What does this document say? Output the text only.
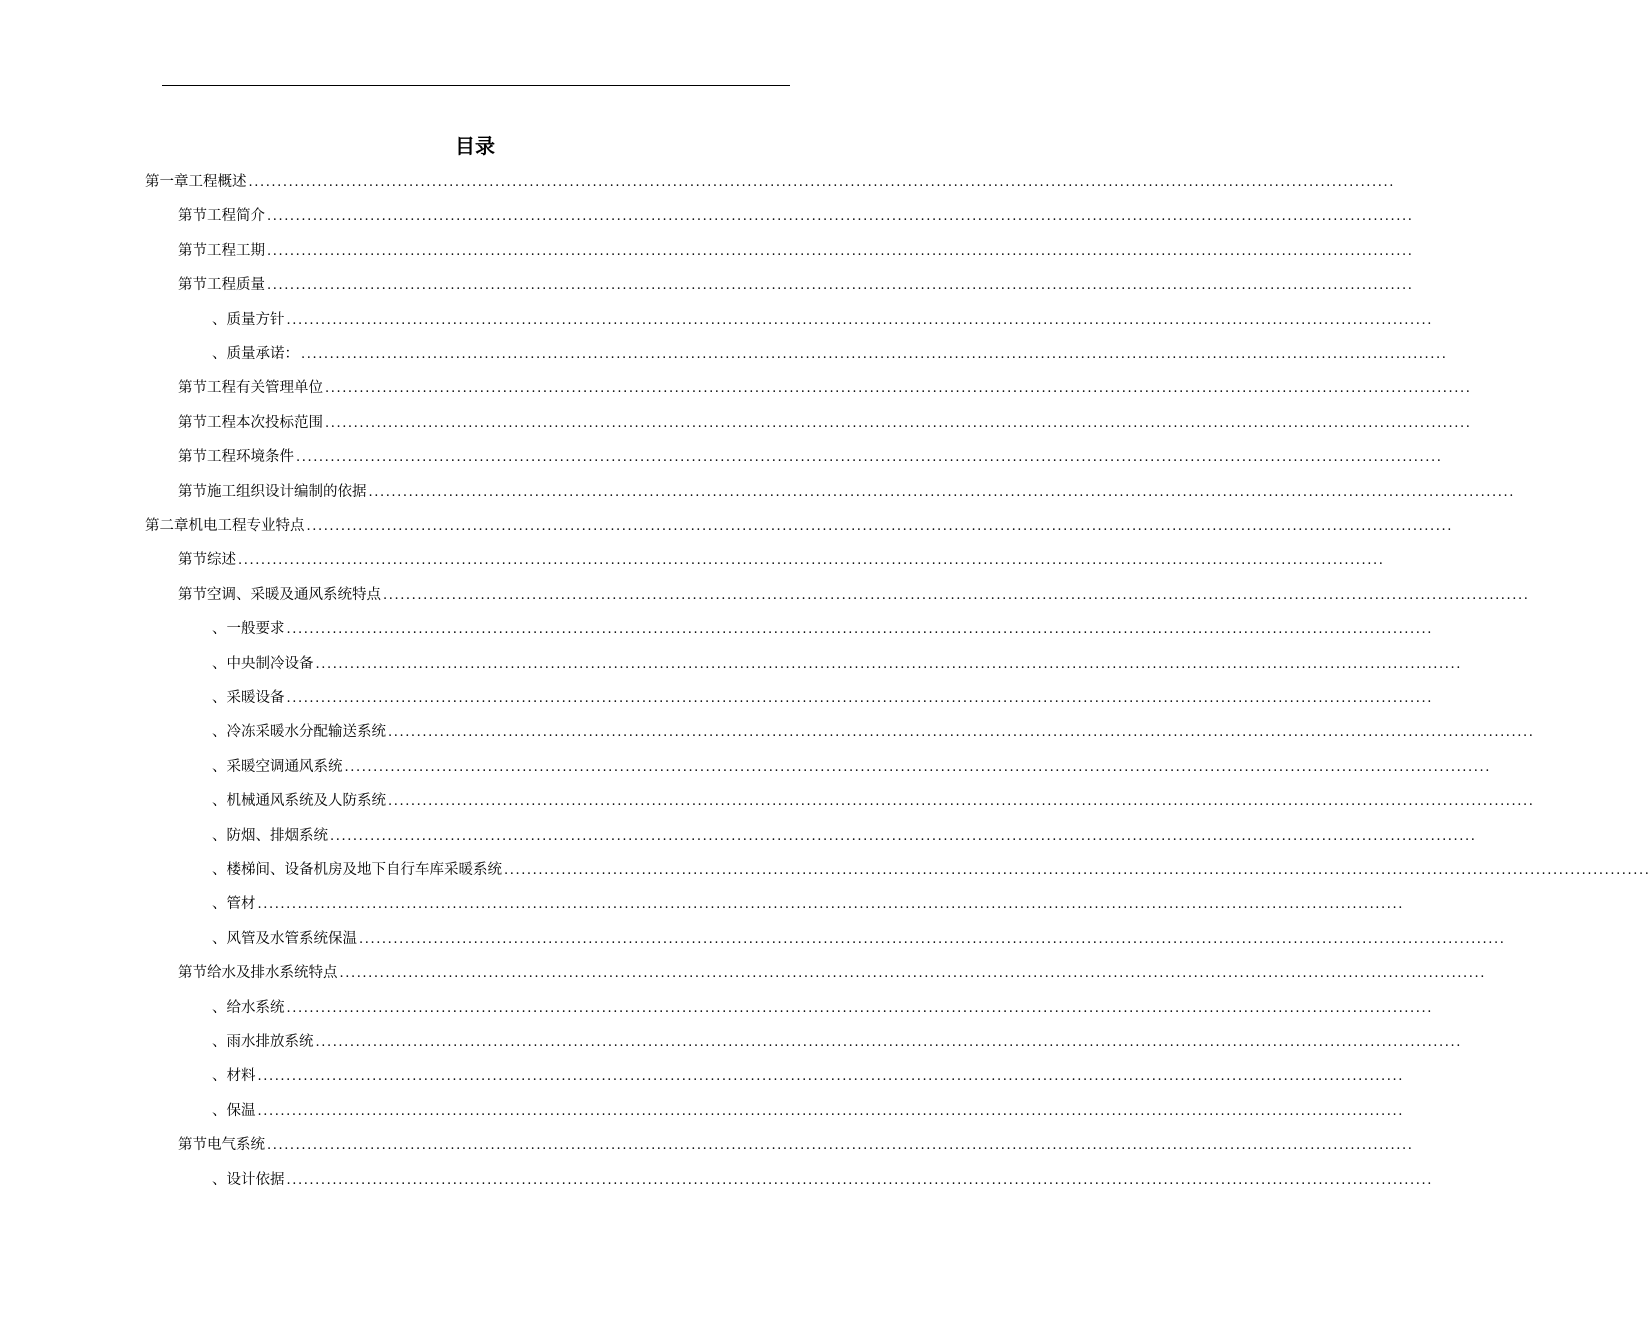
目录
第一章 工程概述 ........................................................................................................................................................................................................
第节 工程简介 ........................................................................................................................................................................................................
第节 工程工期 ........................................................................................................................................................................................................
第节 工程质量 ........................................................................................................................................................................................................
、 质量方针 ........................................................................................................................................................................................................
、 质量承诺： ........................................................................................................................................................................................................
第节 工程有关管理单位 ........................................................................................................................................................................................................
第节 工程本次投标范围 ........................................................................................................................................................................................................
第节 工程环境条件 ........................................................................................................................................................................................................
第节 施工组织设计编制的依据 ........................................................................................................................................................................................................
第二章 机电工程专业特点 ........................................................................................................................................................................................................
第节 综述 ........................................................................................................................................................................................................
第节 空调、采暖及通风系统特点 ........................................................................................................................................................................................................
、 一般要求 ........................................................................................................................................................................................................
、 中央制冷设备 ........................................................................................................................................................................................................
、 采暖设备 ........................................................................................................................................................................................................
、 冷冻采暖水分配输送系统 ........................................................................................................................................................................................................
、 采暖空调通风系统 ........................................................................................................................................................................................................
、 机械通风系统及人防系统 ........................................................................................................................................................................................................
、 防烟、排烟系统 ........................................................................................................................................................................................................
、 楼梯间、设备机房及地下自行车库采暖系统 ........................................................................................................................................................................................................
、 管材 ........................................................................................................................................................................................................
、 风管及水管系统保温 ........................................................................................................................................................................................................
第节 给水及排水系统特点 ........................................................................................................................................................................................................
、 给水系统 ........................................................................................................................................................................................................
、 雨水排放系统 ........................................................................................................................................................................................................
、 材料 ........................................................................................................................................................................................................
、 保温 ........................................................................................................................................................................................................
第节 电气系统 ........................................................................................................................................................................................................
、 设计依据 ........................................................................................................................................................................................................
